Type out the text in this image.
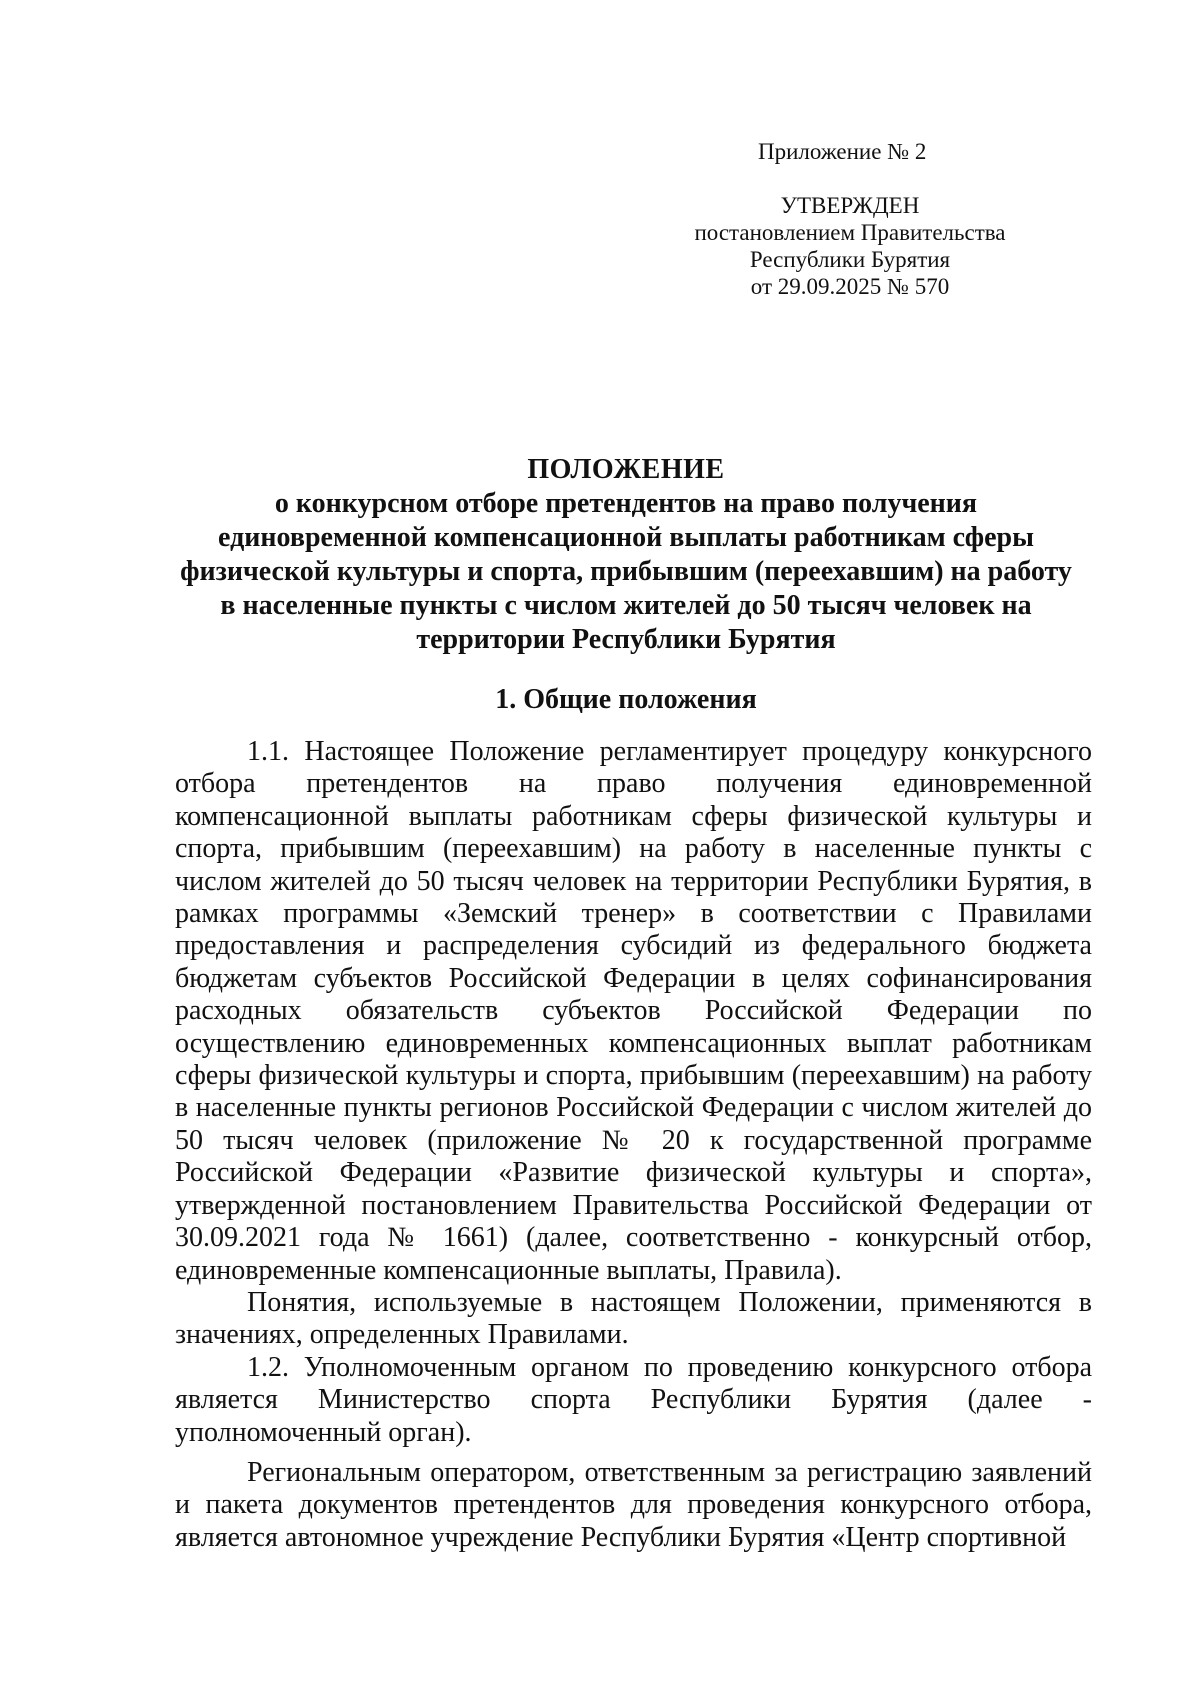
Приложение № 2
УТВЕРЖДЕН
постановлением Правительства
Республики Бурятия
от 29.09.2025 № 570
ПОЛОЖЕНИЕ
о конкурсном отборе претендентов на право получения
единовременной компенсационной выплаты работникам сферы
физической культуры и спорта, прибывшим (переехавшим) на работу
в населенные пункты с числом жителей до 50 тысяч человек на
территории Республики Бурятия
1. Общие положения

1.1. Настоящее Положение регламентирует процедуру конкурсного отбора претендентов на право получения единовременной компенсационной выплаты работникам сферы физической культуры и спорта, прибывшим (переехавшим) на работу в населенные пункты с числом жителей до 50 тысяч человек на территории Республики Бурятия, в рамках программы «Земский тренер» в соответствии с Правилами предоставления и распределения субсидий из федерального бюджета бюджетам субъектов Российской Федерации в целях софинансирования расходных обязательств субъектов Российской Федерации по осуществлению единовременных компенсационных выплат работникам сферы физической культуры и спорта, прибывшим (переехавшим) на работу в населенные пункты регионов Российской Федерации с числом жителей до 50 тысяч человек (приложение № 20 к государственной программе Российской Федерации «Развитие физической культуры и спорта», утвержденной постановлением Правительства Российской Федерации от 30.09.2021 года № 1661) (далее, соответственно - конкурсный отбор, единовременные компенсационные выплаты, Правила).

Понятия, используемые в настоящем Положении, применяются в значениях, определенных Правилами.

1.2. Уполномоченным органом по проведению конкурсного отбора является Министерство спорта Республики Бурятия (далее - уполномоченный орган).

Региональным оператором, ответственным за регистрацию заявлений и пакета документов претендентов для проведения конкурсного отбора, является автономное учреждение Республики Бурятия «Центр спортивной
